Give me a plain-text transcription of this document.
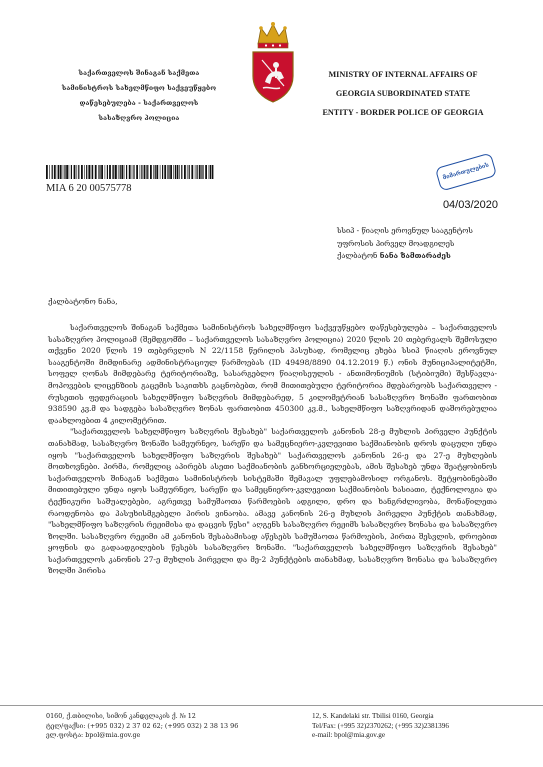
საქართველოს შინაგან საქმეთა
სამინისტროს სახელმწიფო საქვეუწყებო
დაწესებულება - საქართველოს
სასაზღვრო პოლიცია
MINISTRY OF INTERNAL AFFAIRS OF
GEORGIA SUBORDINATED STATE
ENTITY - BORDER POLICE OF GEORGIA
MIA 6 20 00575778
მიმართულების
04/03/2020
სსიპ - წიაღის ეროვნულ სააგენტოს
უფროსის პირველ მოადგილეს
ქალბატონ ნანა ზამთარაძეს
ქალბატონო ნანა,

საქართველოს შინაგან საქმეთა სამინისტროს სახელმწიფო საქვეუწყებო დაწესებულება – საქართველოს სასაზღვრო პოლიციამ (შემდგომში – საქართველოს სასაზღვრო პოლიცია) 2020 წლის 20 თებერვალს შემოსული თქვენი 2020 წლის 19 თებერვლის N 22/1158 წერილის პასუხად, რომელიც ეხება სსიპ წიაღის ეროვნულ სააგენტოში მიმდინარე ადმინისტრაციულ წარმოებას (ID 49498/8890 04.12.2019 წ.) ონის მუნიციპალიტეტში, სოფელ ღონას მიმდებარე ტერიტორიაზე, სასარგებლო წიაღისეულის - ანთიმონიუმის (სტიბიუმი) შესწავლა-მოპოვების ლიცენზიის გაცემის საკითხს გაცნობებთ, რომ მითითებული ტერიტორია მდებარეობს საქართველო - რუსეთის ფედერაციის სახელმწიფო საზღვრის მიმდებარედ, 5 კილომეტრიან სასაზღვრო ზონაში ფართობით 938590 კვ.მ და სადგება სასაზღვრო ზონას ფართობით 450300 კვ.მ., სახელმწიფო საზღვრიდან დაშორებულია დაახლოებით 4 კილომეტრით.

"საქართველოს სახელმწიფო საზღვრის შესახებ" საქართველოს კანონის 28-ე მუხლის პირველი პუნქტის თანახმად, სასაზღვრო ზონაში სამეურნეო, სარეწი და სამეცნიერო-კვლევითი საქმიანობის დროს დაცული უნდა იყოს "საქართველოს სახელმწიფო საზღვრის შესახებ" საქართველოს კანონის 26-ე და 27-ე მუხლების მოთხოვნები. პირმა, რომელიც აპირებს ასეთი საქმიანობის განხორციელებას, ამის შესახებ უნდა შეატყობინოს საქართველოს შინაგან საქმეთა სამინისტროს სისტემაში შემავალ უფლებამოსილ ორგანოს. შეტყობინებაში მითითებული უნდა იყოს სამეურნეო, სარეწი და სამეცნიერო-კვლევითი საქმიანობის ხასიათი, ტექნოლოგია და ტექნიკური საშუალებები, აგრეთვე სამუშაოთა წარმოების ადგილი, დრო და ხანგრძლივობა, მონაწილეთა რაოდენობა და პასუხისმგებელი პირის ვინაობა. ამავე კანონის 26-ე მუხლის პირველი პუნქტის თანახმად, "სახელმწიფო საზღვრის რეჟიმისა და დაცვის წესი" აღგენს სასაზღვრო რეჟიმს სასაზღვრო ზონასა და სასაზღვრო ზოლში. სასაზღვრო რეჟიმი ამ კანონის შესაბამისად აწესებს სამუშაოთა წარმოების, პირთა შესვლის, დროებით ყოფნის და გადაადგილების წესებს სასაზღვრო ზონაში. "საქართველოს სახელმწიფო საზღვრის შესახებ" საქართველოს კანონის 27-ე მუხლის პირველი და მე-2 პუნქტების თანახმად, სასაზღვრო ზონასა და სასაზღვრო ზოლში პირისა

0160, ქ.თბილისი, სიმონ კანდელაკის ქ. № 12
ტელ/ფაქსი: (+995 032) 2 37 02 62; (+995 032) 2 38 13 96
ელ.ფოსტა: bpol@mia.gov.ge
12, S. Kandelaki str. Tbilisi 0160, Georgia
Tel/Fax: (+995 32)2370262; (+995 32)2381396
e-mail: bpol@mia.gov.ge
